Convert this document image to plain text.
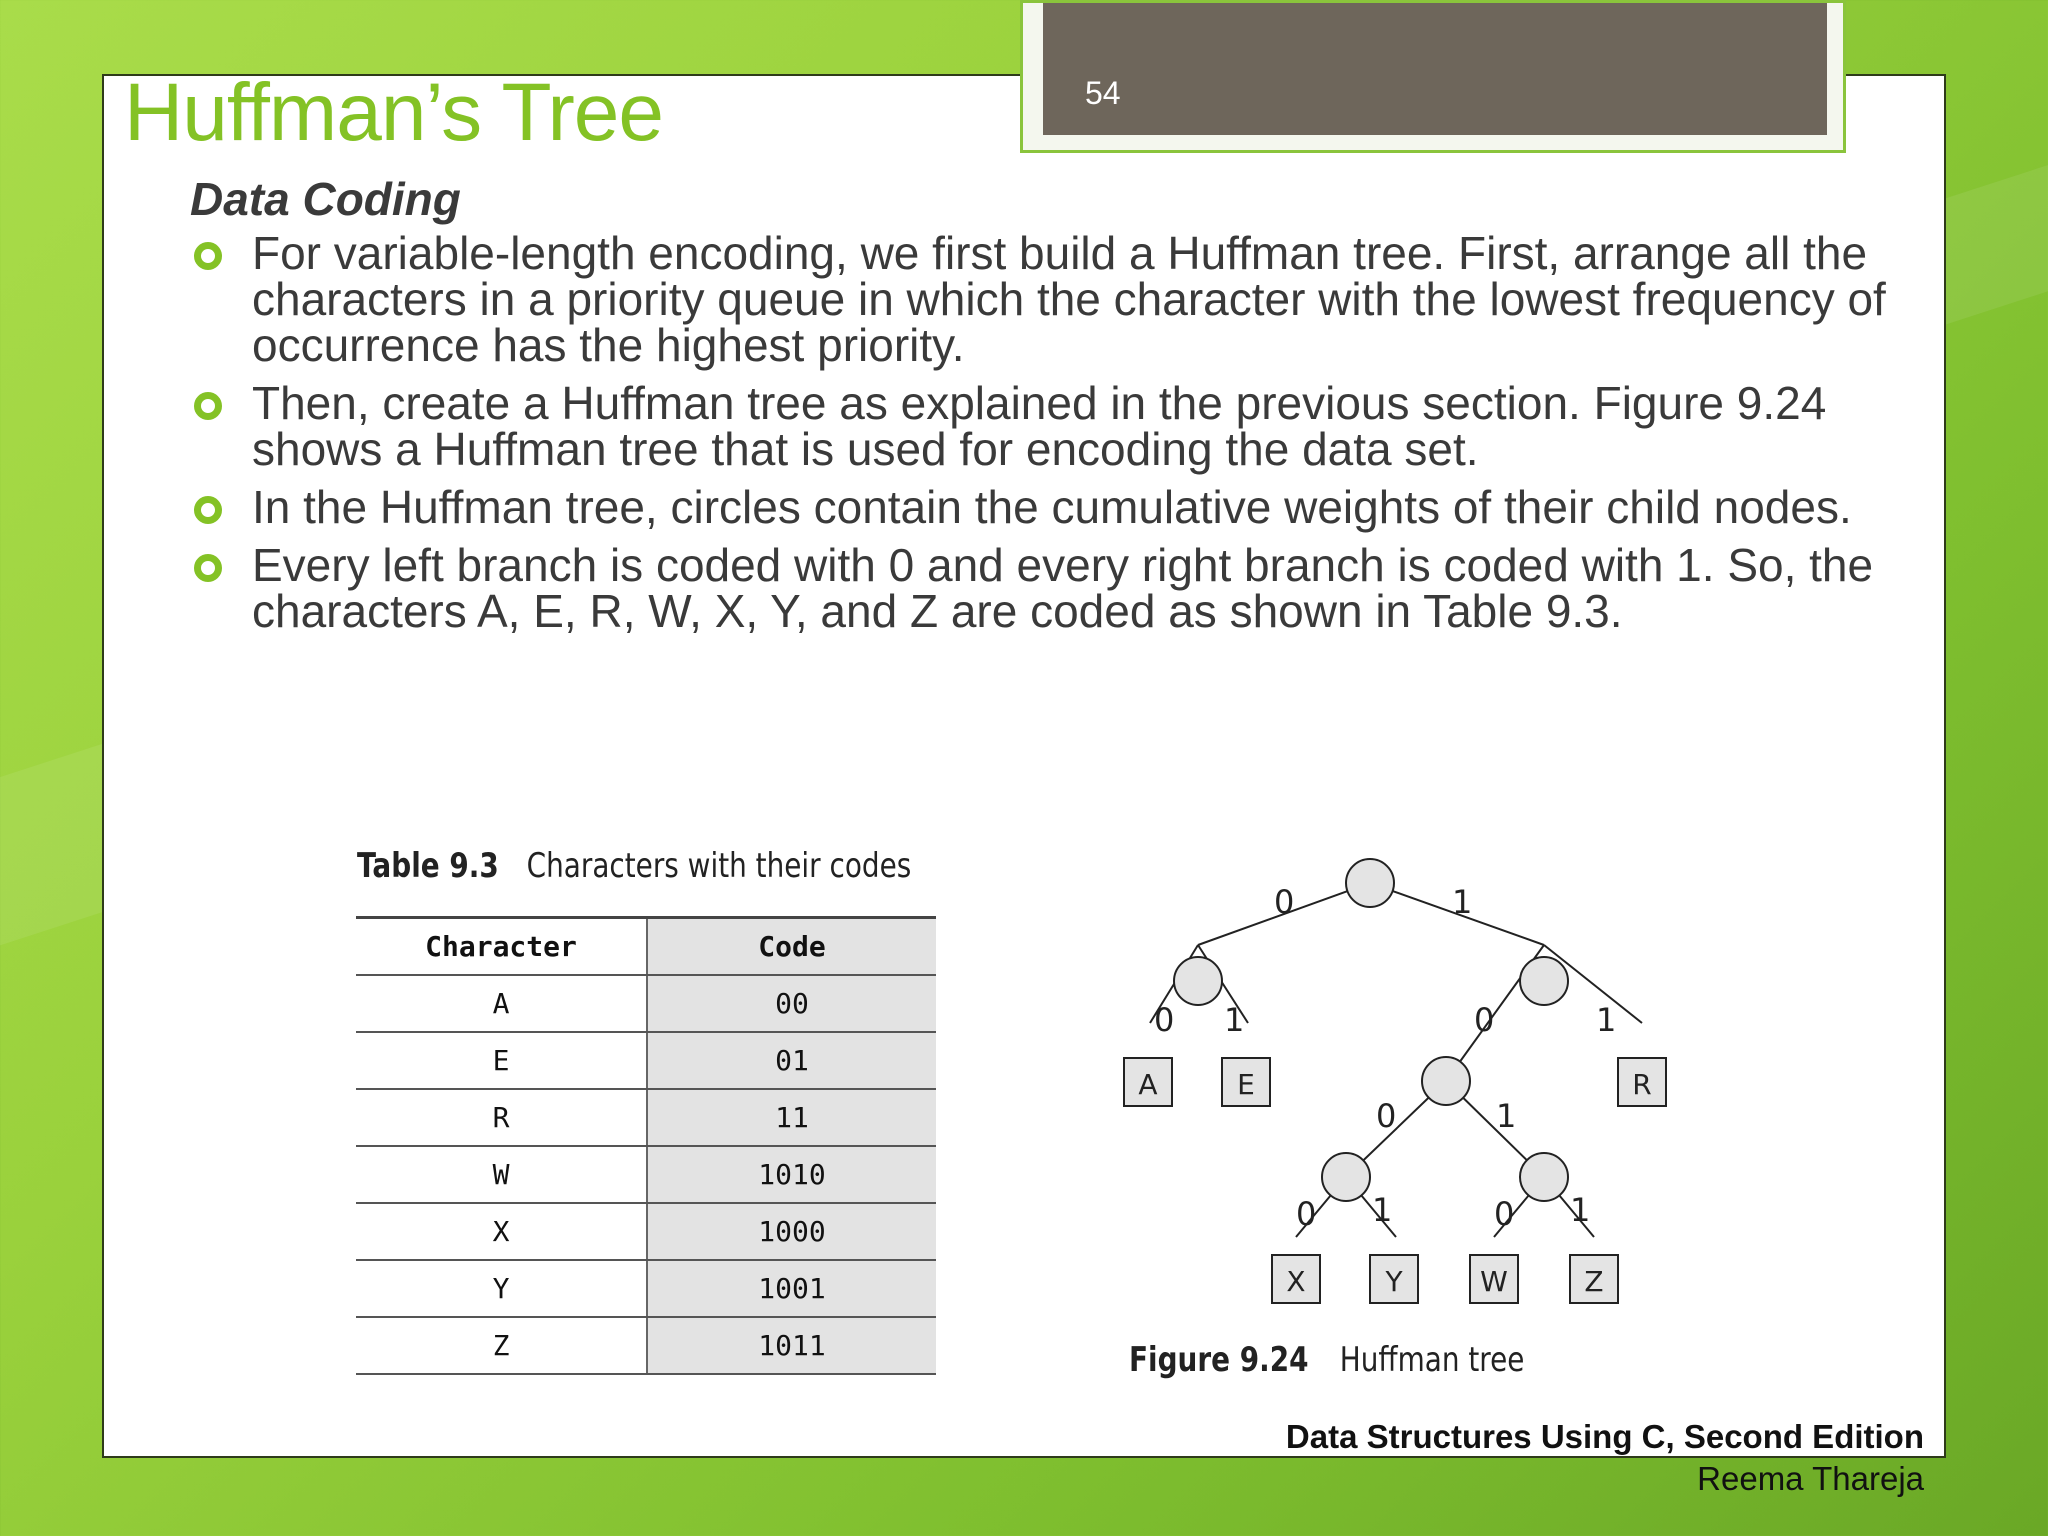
54
Huffman’s Tree
Data Coding
For variable-length encoding, we first build a Huffman tree. First, arrange all the characters in a priority queue in which the character with the lowest frequency of occurrence has the highest priority.
Then, create a Huffman tree as explained in the previous section. Figure 9.24 shows a Huffman tree that is used for encoding the data set.
In the Huffman tree, circles contain the cumulative weights of their child nodes.
Every left branch is coded with 0 and every right branch is coded with 1. So, the characters A, E, R, W, X, Y, and Z are coded as shown in Table 9.3.
Table 9.3 Characters with their codes
Character	Code
A	00
E	01
R	11
W	1010
X	1000
Y	1001
Z	1011
A	E	R
X	Y	W	Z
0	1
0 1	0	1
0	1
0 1	0 1
Figure 9.24 Huffman tree
Data Structures Using C, Second Edition
Reema Thareja
